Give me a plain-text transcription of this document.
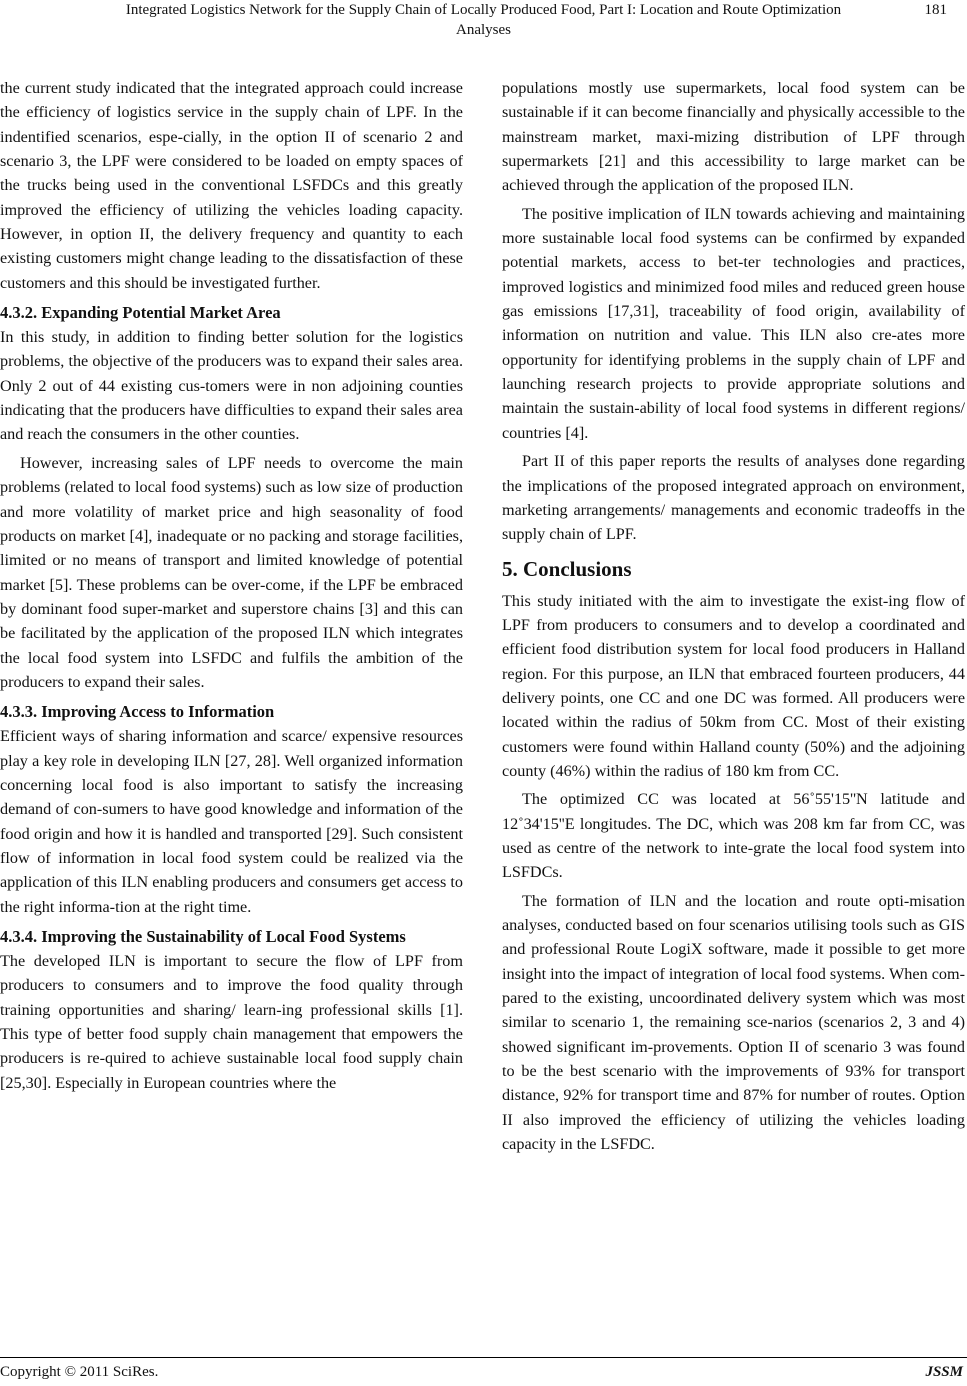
Integrated Logistics Network for the Supply Chain of Locally Produced Food, Part I: Location and Route Optimization
Analyses
181

the current study indicated that the integrated approach could increase the efficiency of logistics service in the supply chain of LPF. In the indentified scenarios, espe-cially, in the option II of scenario 2 and scenario 3, the LPF were considered to be loaded on empty spaces of the trucks being used in the conventional LSFDCs and this greatly improved the efficiency of utilizing the vehicles loading capacity. However, in option II, the delivery frequency and quantity to each existing customers might change leading to the dissatisfaction of these customers and this should be investigated further.

4.3.2. Expanding Potential Market Area

In this study, in addition to finding better solution for the logistics problems, the objective of the producers was to expand their sales area. Only 2 out of 44 existing cus-tomers were in non adjoining counties indicating that the producers have difficulties to expand their sales area and reach the consumers in the other counties.

However, increasing sales of LPF needs to overcome the main problems (related to local food systems) such as low size of production and more volatility of market price and high seasonality of food products on market [4], inadequate or no packing and storage facilities, limited or no means of transport and limited knowledge of potential market [5]. These problems can be over-come, if the LPF be embraced by dominant food super-market and superstore chains [3] and this can be facilitated by the application of the proposed ILN which integrates the local food system into LSFDC and fulfils the ambition of the producers to expand their sales.

4.3.3. Improving Access to Information

Efficient ways of sharing information and scarce/ expensive resources play a key role in developing ILN [27, 28]. Well organized information concerning local food is also important to satisfy the increasing demand of con-sumers to have good knowledge and information of the food origin and how it is handled and transported [29]. Such consistent flow of information in local food system could be realized via the application of this ILN enabling producers and consumers get access to the right informa-tion at the right time.

4.3.4. Improving the Sustainability of Local Food Systems

The developed ILN is important to secure the flow of LPF from producers to consumers and to improve the food quality through training opportunities and sharing/ learn-ing professional skills [1]. This type of better food supply chain management that empowers the producers is re-quired to achieve sustainable local food supply chain [25,30]. Especially in European countries where the

populations mostly use supermarkets, local food system can be sustainable if it can become financially and physically accessible to the mainstream market, maxi-mizing distribution of LPF through supermarkets [21] and this accessibility to large market can be achieved through the application of the proposed ILN.

The positive implication of ILN towards achieving and maintaining more sustainable local food systems can be confirmed by expanded potential markets, access to bet-ter technologies and practices, improved logistics and minimized food miles and reduced green house gas emissions [17,31], traceability of food origin, availability of information on nutrition and value. This ILN also cre-ates more opportunity for identifying problems in the supply chain of LPF and launching research projects to provide appropriate solutions and maintain the sustain-ability of local food systems in different regions/ countries [4].

Part II of this paper reports the results of analyses done regarding the implications of the proposed integrated approach on environment, marketing arrangements/ managements and economic tradeoffs in the supply chain of LPF.

5. Conclusions

This study initiated with the aim to investigate the exist-ing flow of LPF from producers to consumers and to develop a coordinated and efficient food distribution system for local food producers in Halland region. For this purpose, an ILN that embraced fourteen producers, 44 delivery points, one CC and one DC was formed. All producers were located within the radius of 50km from CC. Most of their existing customers were found within Halland county (50%) and the adjoining county (46%) within the radius of 180 km from CC.

The optimized CC was located at 56˚55'15''N latitude and 12˚34'15''E longitudes. The DC, which was 208 km far from CC, was used as centre of the network to inte-grate the local food system into LSFDCs.

The formation of ILN and the location and route opti-misation analyses, conducted based on four scenarios utilising tools such as GIS and professional Route LogiX software, made it possible to get more insight into the impact of integration of local food systems. When com-pared to the existing, uncoordinated delivery system which was most similar to scenario 1, the remaining sce-narios (scenarios 2, 3 and 4) showed significant im-provements. Option II of scenario 3 was found to be the best scenario with the improvements of 93% for transport distance, 92% for transport time and 87% for number of routes. Option II also improved the efficiency of utilizing the vehicles loading capacity in the LSFDC.

Copyright © 2011 SciRes.	JSSM
